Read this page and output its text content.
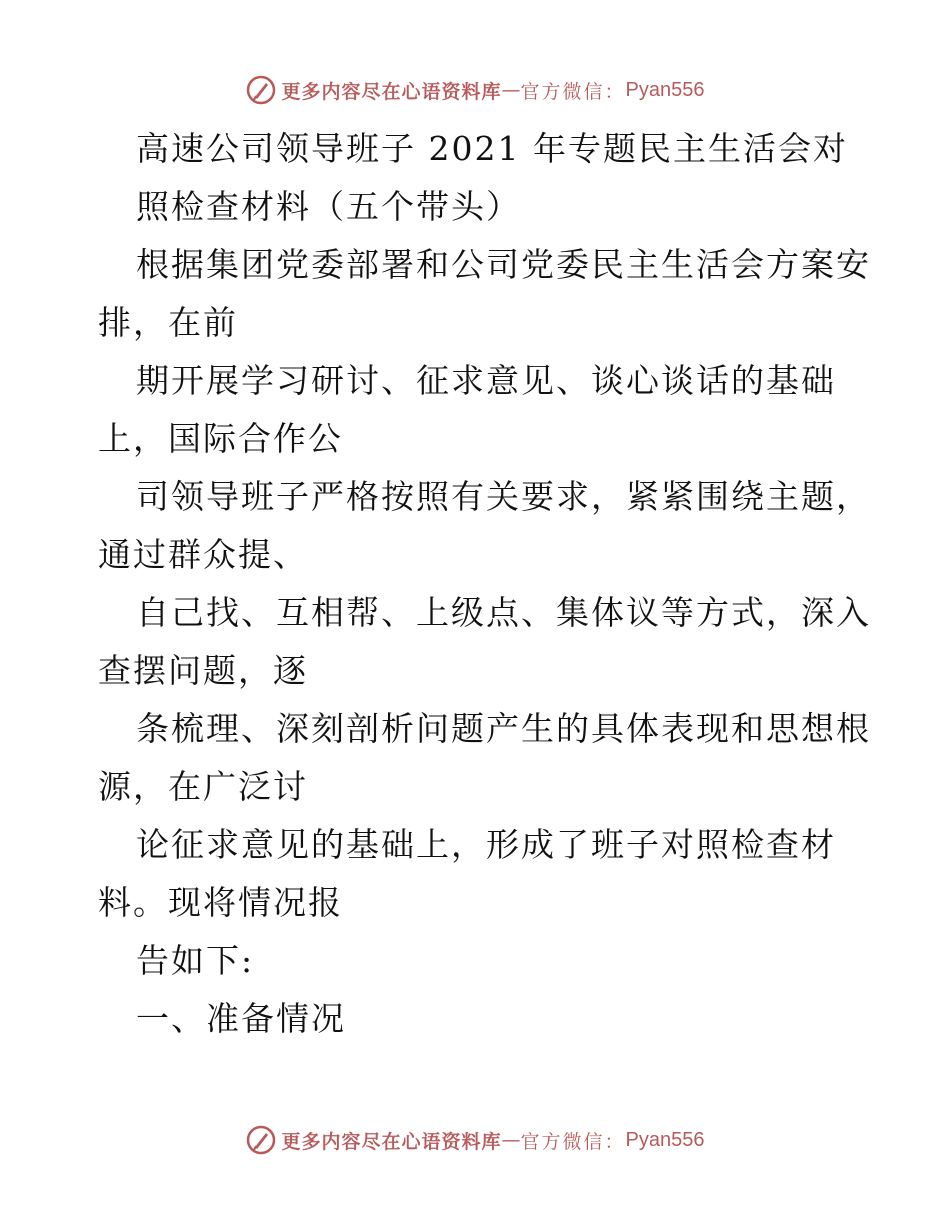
更多内容尽在心语资料库 — 官方微信： Pyan556
高速公司领导班子 2021 年专题民主生活会对
照检查材料（五个带头）
根据集团党委部署和公司党委民主生活会方案安
排，在前
期开展学习研讨、征求意见、谈心谈话的基础
上，国际合作公
司领导班子严格按照有关要求，紧紧围绕主题，
通过群众提、
自己找、互相帮、上级点、集体议等方式，深入
查摆问题，逐
条梳理、深刻剖析问题产生的具体表现和思想根
源，在广泛讨
论征求意见的基础上，形成了班子对照检查材
料。现将情况报
告如下:
一、准备情况
更多内容尽在心语资料库 — 官方微信： Pyan556
